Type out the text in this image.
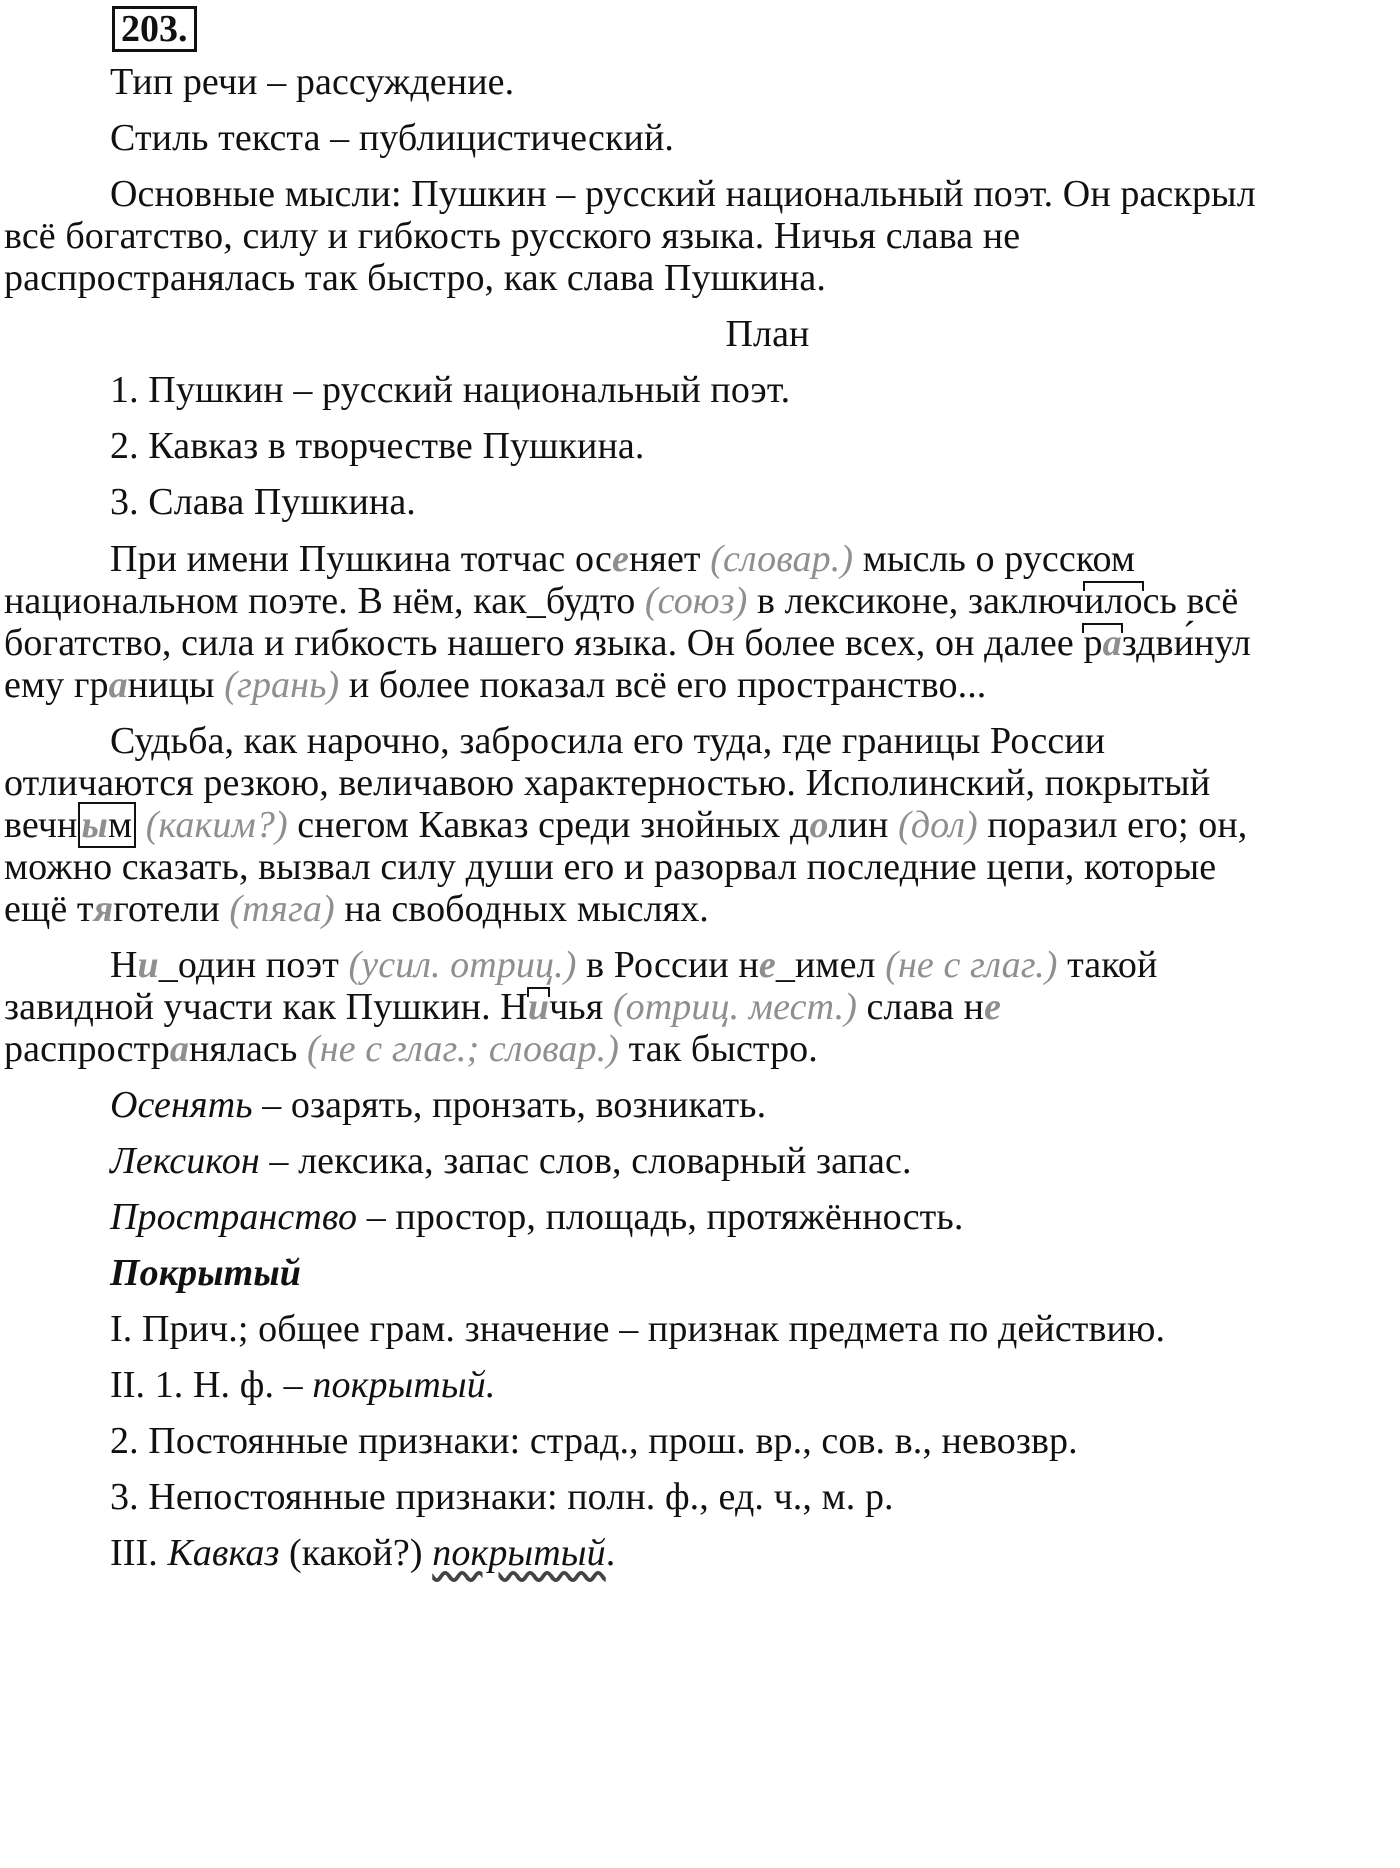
203.
Тип речи – рассуждение.
Стиль текста – публицистический.
Основные мысли: Пушкин – русский национальный поэт. Он раскрыл
всё богатство, силу и гибкость русского языка. Ничья слава не
распространялась так быстро, как слава Пушкина.
План
1. Пушкин – русский национальный поэт.
2. Кавказ в творчестве Пушкина.
3. Слава Пушкина.
При имени Пушкина тотчас осеняет (словар.) мысль о русском
национальном поэте. В нём, как_будто (союз) в лексиконе, заключилось всё
богатство, сила и гибкость нашего языка. Он более всех, он далее раздви́нул
ему границы (грань) и более показал всё его пространство...
Судьба, как нарочно, забросила его туда, где границы России
отличаются резкою, величавою характерностью. Исполинский, покрытый
вечн ым (каким?) снегом Кавказ среди знойных долин (дол) поразил его; он,
можно сказать, вызвал силу души его и разорвал последние цепи, которые
ещё тяготели (тяга) на свободных мыслях.
Ни_один поэт (усил. отриц.) в России не_имел (не с глаг.) такой
завидной участи как Пушкин. Ничья (отриц. мест.) слава не
распространялась (не с глаг.; словар.) так быстро.
Осенять – озарять, пронзать, возникать.
Лексикон – лексика, запас слов, словарный запас.
Пространство – простор, площадь, протяжённость.
Покрытый
I. Прич.; общее грам. значение – признак предмета по действию.
II. 1. Н. ф. – покрытый.
2. Постоянные признаки: страд., прош. вр., сов. в., невозвр.
3. Непостоянные признаки: полн. ф., ед. ч., м. р.
III. Кавказ (какой?) покрытый.
